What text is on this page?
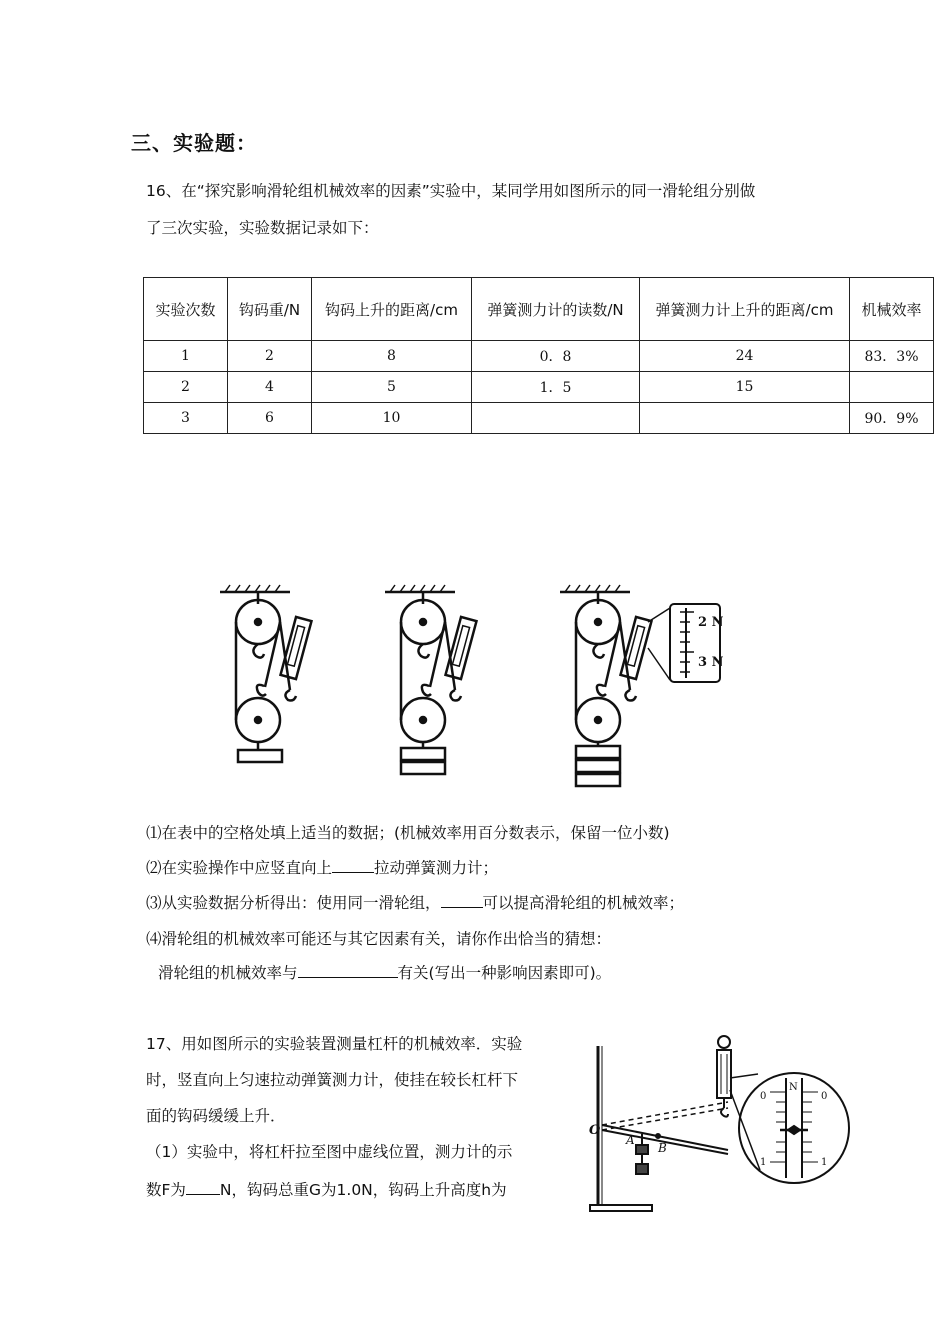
三、实验题：
16、在“探究影响滑轮组机械效率的因素”实验中，某同学用如图所示的同一滑轮组分别做
了三次实验，实验数据记录如下：
实验次数	钩码重/N	钩码上升的距离/cm	弹簧测力计的读数/N	弹簧测力计上升的距离/cm	机械效率
1	2	8	0．8	24	83．3%
2	4	5	1．5	15	
3	6	10			90．9%
2 N
3 N
⑴在表中的空格处填上适当的数据；(机械效率用百分数表示，保留一位小数)
⑵在实验操作中应竖直向上	拉动弹簧测力计；
⑶从实验数据分析得出：使用同一滑轮组，	可以提高滑轮组的机械效率；
⑷滑轮组的机械效率可能还与其它因素有关，请你作出恰当的猜想：
滑轮组的机械效率与	有关(写出一种影响因素即可)。
17、用如图所示的实验装置测量杠杆的机械效率．实验
时，竖直向上匀速拉动弹簧测力计，使挂在较长杠杆下
面的钩码缓缓上升．
（1）实验中，将杠杆拉至图中虚线位置，测力计的示
数F为 N，钩码总重G为1.0N，钩码上升高度h为
O
A
B
N
0	0
1	1
